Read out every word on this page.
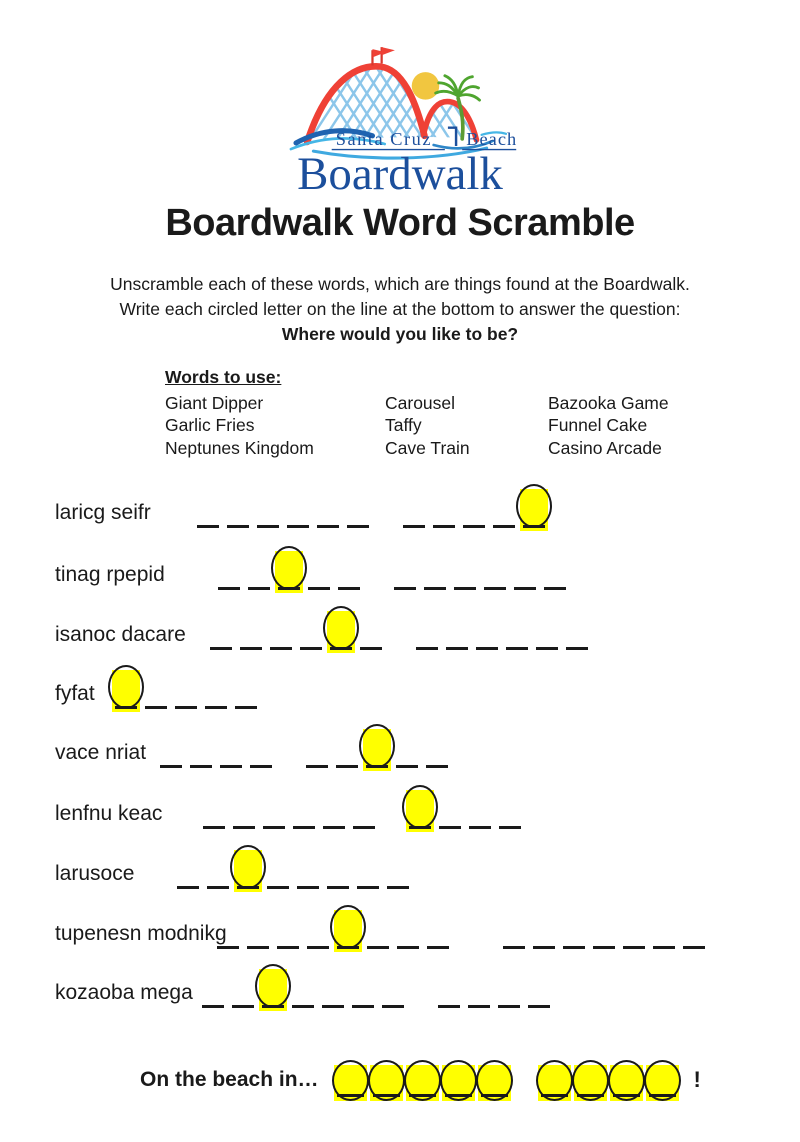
Santa Cruz Beach
Boardwalk
Boardwalk Word Scramble
Unscramble each of these words, which are things found at the Boardwalk.
Write each circled letter on the line at the bottom to answer the question:
Where would you like to be?
Words to use:
Giant Dipper	Carousel	Bazooka Game
Garlic Fries	Taffy	Funnel Cake
Neptunes Kingdom	Cave Train	Casino Arcade
laricg seifr
tinag rpepid
isanoc dacare
fyfat
vace nriat
lenfnu keac
larusoce
tupenesn modnikg
kozaoba mega
On the beach in…	!
